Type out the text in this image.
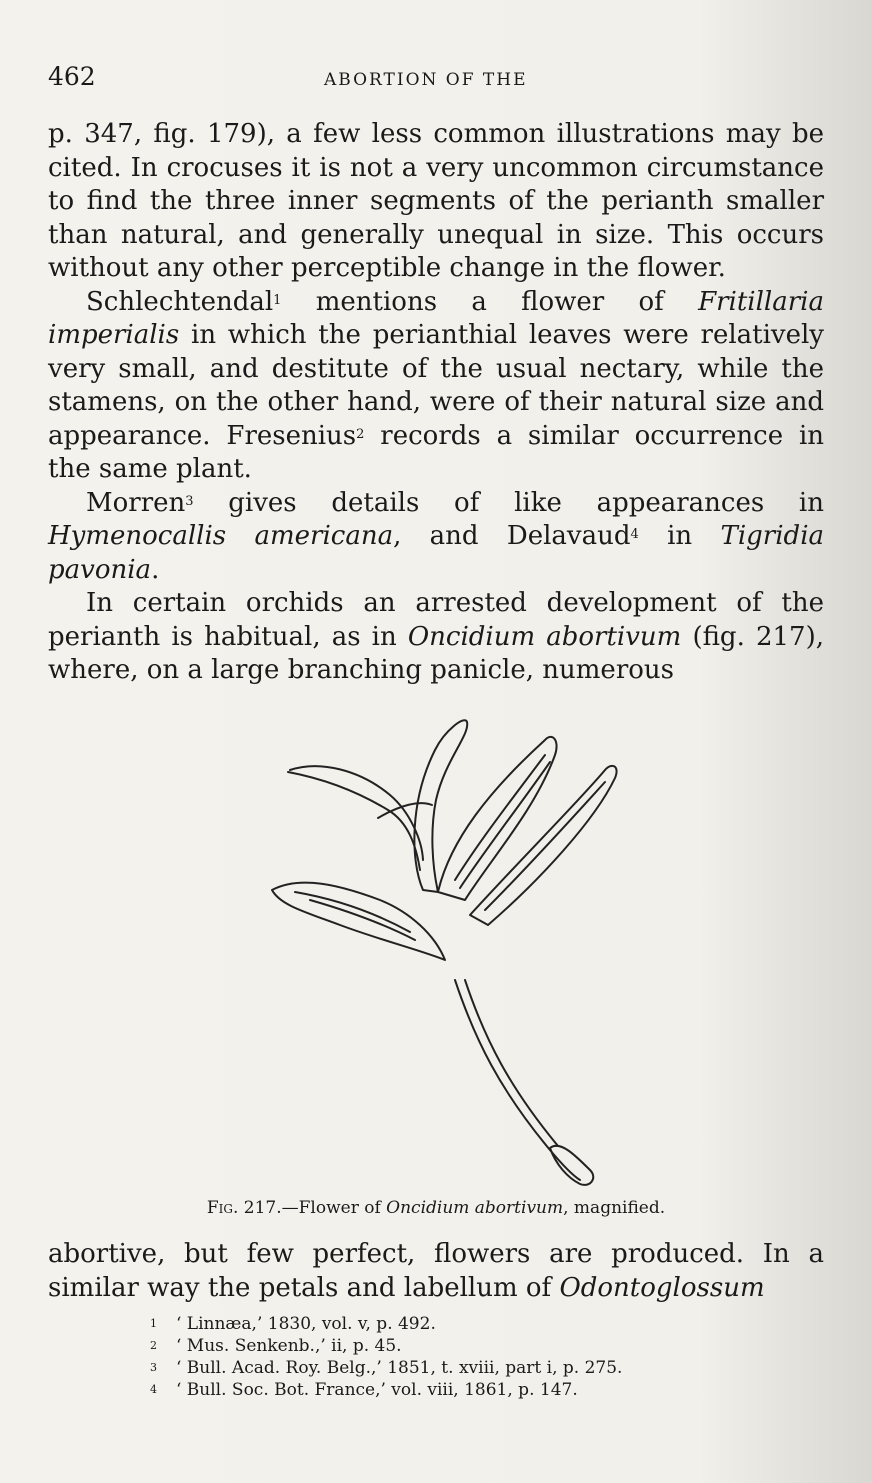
462	ABORTION OF THE

p. 347, fig. 179), a few less common illustrations may be cited. In crocuses it is not a very uncommon circumstance to find the three inner segments of the perianth smaller than natural, and generally unequal in size. This occurs without any other perceptible change in the flower.

Schlechtendal$^1$ mentions a flower of Fritillaria imperialis in which the perianthial leaves were relatively very small, and destitute of the usual nectary, while the stamens, on the other hand, were of their natural size and appearance. Fresenius$^2$ records a similar occurrence in the same plant.

Morren$^3$ gives details of like appearances in Hymenocallis americana, and Delavaud$^4$ in Tigridia pavonia.

In certain orchids an arrested development of the perianth is habitual, as in Oncidium abortivum (fig. 217), where, on a large branching panicle, numerous

Fig. 217.—Flower of Oncidium abortivum, magnified.

abortive, but few perfect, flowers are produced. In a similar way the petals and labellum of Odontoglossum

1 ‘ Linnæa,’ 1830, vol. v, p. 492.
2 ‘ Mus. Senkenb.,’ ii, p. 45.
3 ‘ Bull. Acad. Roy. Belg.,’ 1851, t. xviii, part i, p. 275.
4 ‘ Bull. Soc. Bot. France,’ vol. viii, 1861, p. 147.
